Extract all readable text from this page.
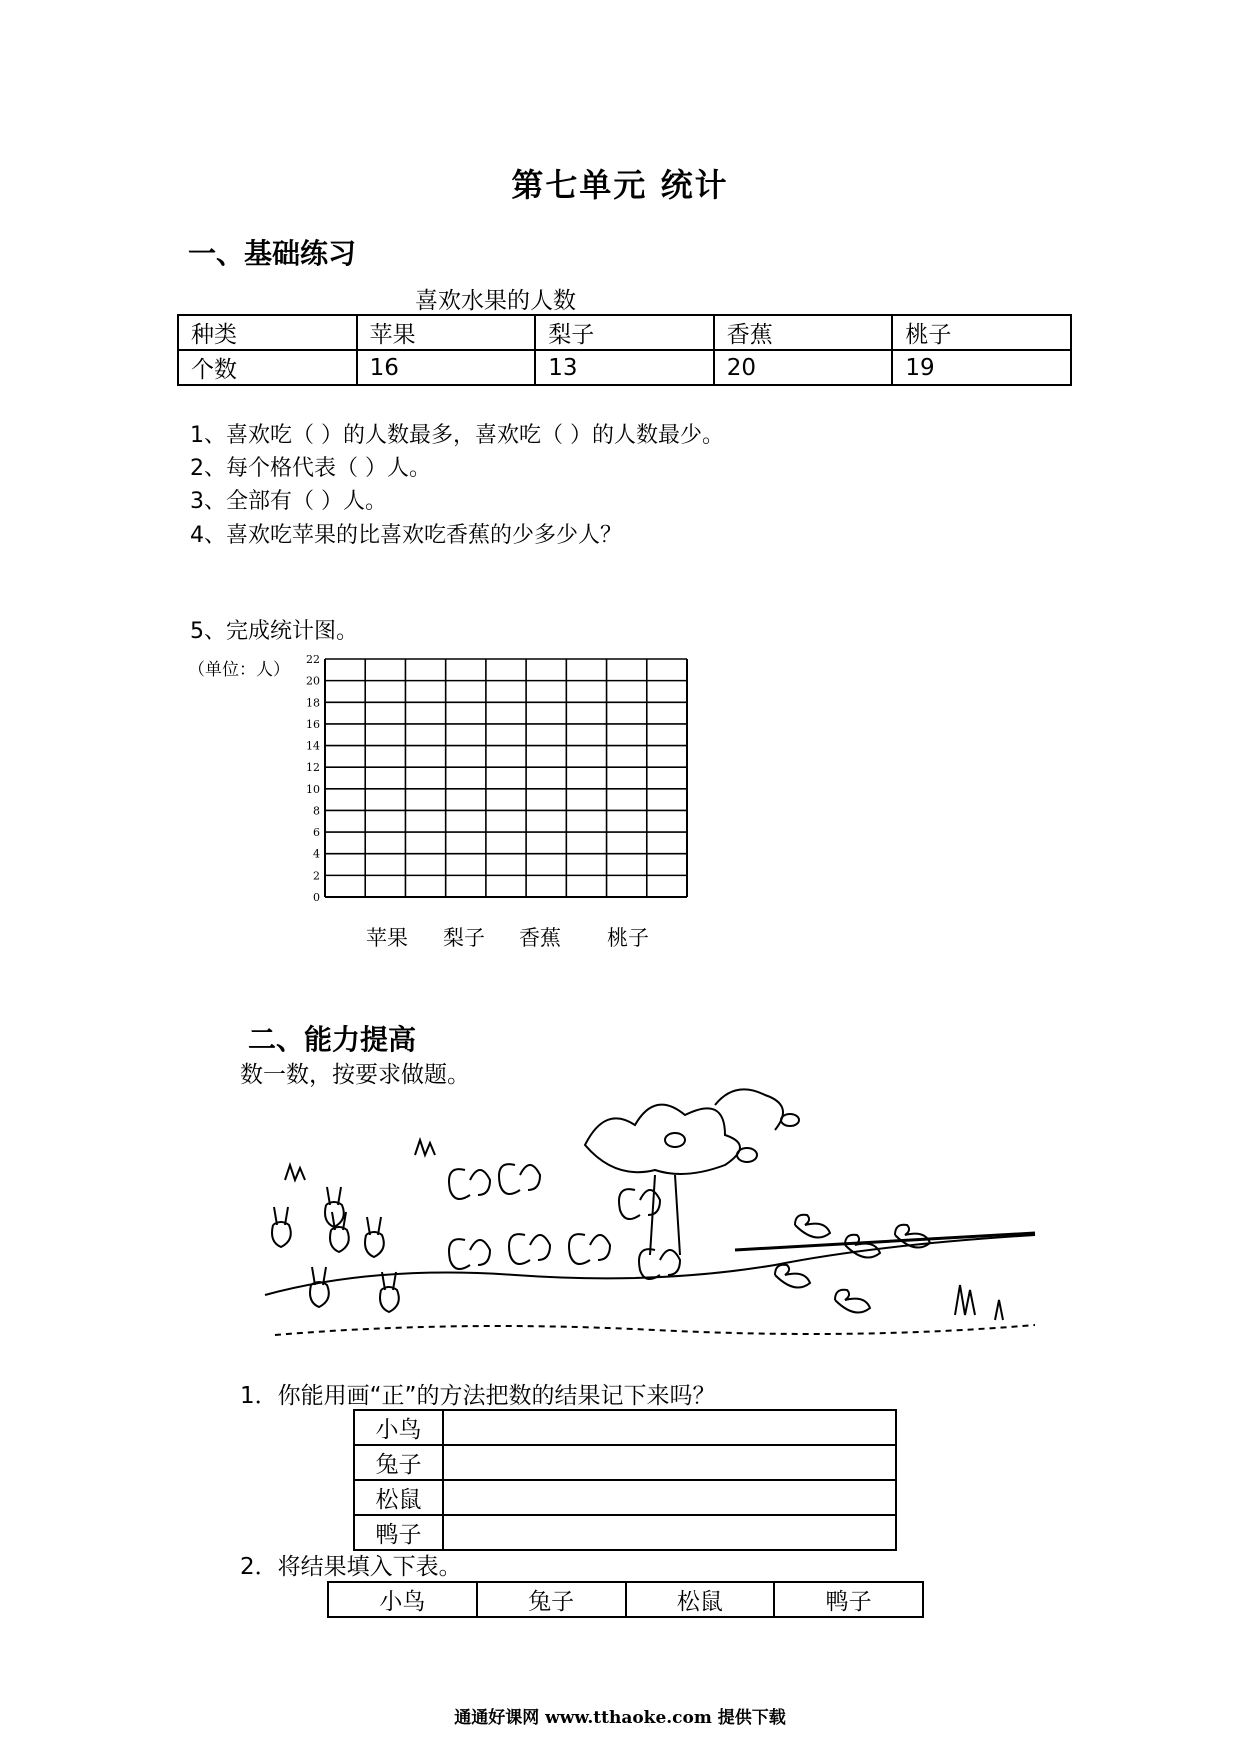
第七单元 统计
一、基础练习
喜欢水果的人数
种类	苹果	梨子	香蕉	桃子
个数	16	13	20	19
1、喜欢吃（ ）的人数最多，喜欢吃（ ）的人数最少。
2、每个格代表（ ）人。
3、全部有（ ）人。
4、喜欢吃苹果的比喜欢吃香蕉的少多少人？
5、完成统计图。
（单位：人）
0
2
4
6
8
10
12
14
16
18
20
22
苹果 梨子 香蕉 桃子
二、能力提高
数一数，按要求做题。
1．你能用画“正”的方法把数的结果记下来吗？
小鸟	
兔子	
松鼠	
鸭子	
2．将结果填入下表。
小鸟	兔子	松鼠	鸭子
通通好课网 www.tthaoke.com 提供下载
